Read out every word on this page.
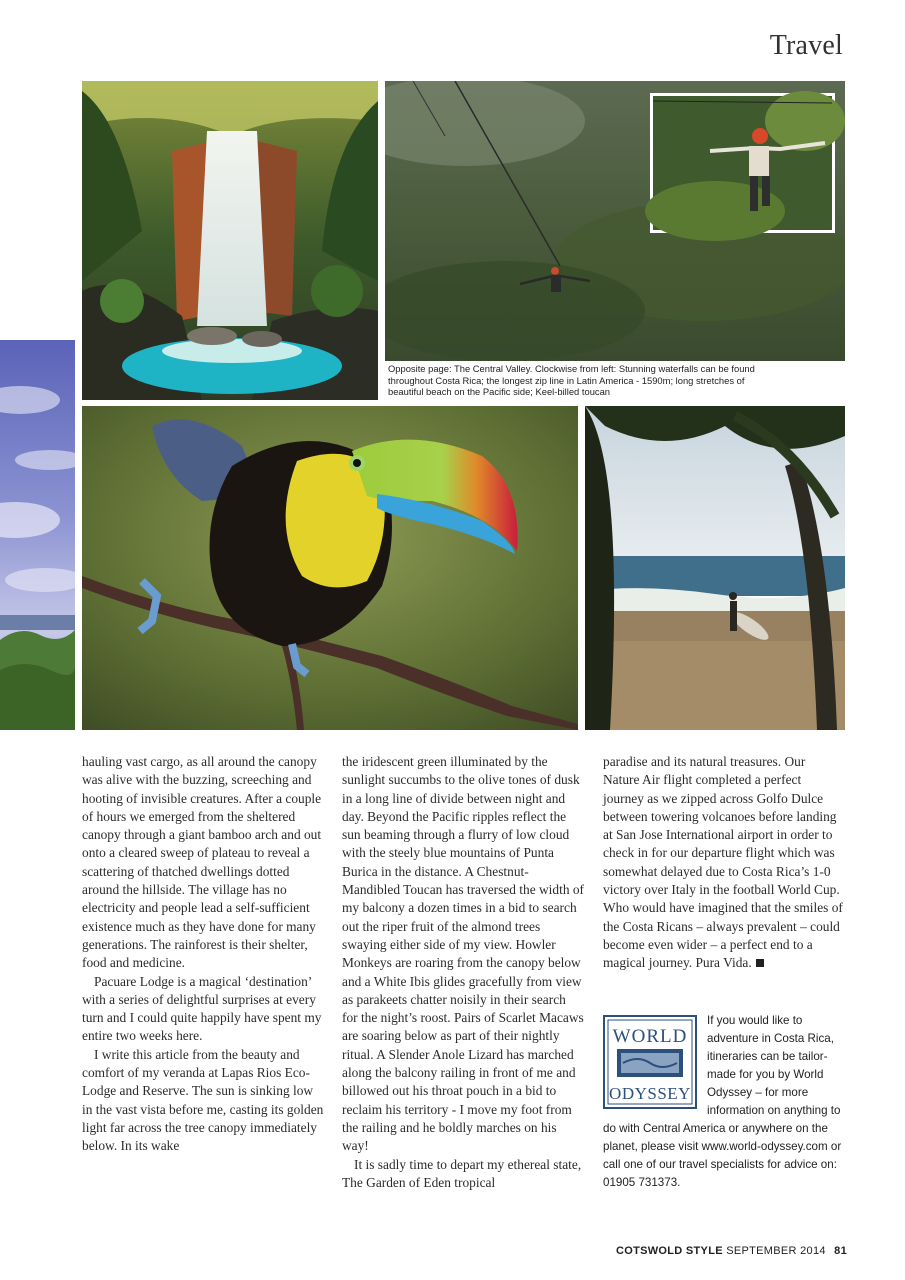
Travel
Opposite page: The Central Valley. Clockwise from left: Stunning waterfalls can be found throughout Costa Rica; the longest zip line in Latin America - 1590m; long stretches of beautiful beach on the Pacific side; Keel-billed toucan

hauling vast cargo, as all around the canopy was alive with the buzzing, screeching and hooting of invisible creatures. After a couple of hours we emerged from the sheltered canopy through a giant bamboo arch and out onto a cleared sweep of plateau to reveal a scattering of thatched dwellings dotted around the hillside. The village has no electricity and people lead a self-sufficient existence much as they have done for many generations. The rainforest is their shelter, food and medicine.

Pacuare Lodge is a magical ‘destination’ with a series of delightful surprises at every turn and I could quite happily have spent my entire two weeks here.

I write this article from the beauty and comfort of my veranda at Lapas Rios Eco-Lodge and Reserve. The sun is sinking low in the vast vista before me, casting its golden light far across the tree canopy immediately below. In its wake

the iridescent green illuminated by the sunlight succumbs to the olive tones of dusk in a long line of divide between night and day. Beyond the Pacific ripples reflect the sun beaming through a flurry of low cloud with the steely blue mountains of Punta Burica in the distance. A Chestnut-Mandibled Toucan has traversed the width of my balcony a dozen times in a bid to search out the riper fruit of the almond trees swaying either side of my view. Howler Monkeys are roaring from the canopy below and a White Ibis glides gracefully from view as parakeets chatter noisily in their search for the night’s roost. Pairs of Scarlet Macaws are soaring below as part of their nightly ritual. A Slender Anole Lizard has marched along the balcony railing in front of me and billowed out his throat pouch in a bid to reclaim his territory - I move my foot from the railing and he boldly marches on his way!

It is sadly time to depart my ethereal state, The Garden of Eden tropical

paradise and its natural treasures. Our Nature Air flight completed a perfect journey as we zipped across Golfo Dulce between towering volcanoes before landing at San Jose International airport in order to check in for our departure flight which was somewhat delayed due to Costa Rica’s 1-0 victory over Italy in the football World Cup. Who would have imagined that the smiles of the Costa Ricans – always prevalent – could become even wider – a perfect end to a magical journey. Pura Vida.

WORLD
ODYSSEY
If you would like to adventure in Costa Rica, itineraries can be tailor-made for you by World Odyssey – for more information on anything to do with Central America or anywhere on the planet, please visit www.world-odyssey.com or call one of our travel specialists for advice on: 01905 731373.
COTSWOLD STYLE SEPTEMBER 2014 81
